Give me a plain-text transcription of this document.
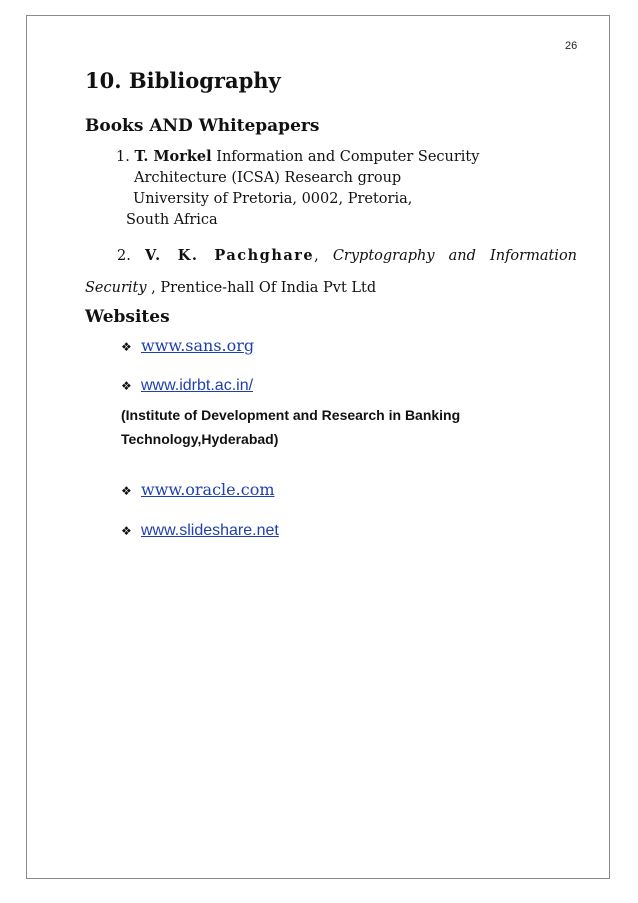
26
10. Bibliography
Books AND Whitepapers
1. T. Morkel Information and Computer Security
Architecture (ICSA) Research group
University of Pretoria, 0002, Pretoria,
South Africa
2. V. K. Pachghare, Cryptography and Information
Security , Prentice-hall Of India Pvt Ltd
Websites
❖ www.sans.org
❖ www.idrbt.ac.in/
(Institute of Development and Research in Banking
Technology,Hyderabad)
❖ www.oracle.com
❖ www.slideshare.net
